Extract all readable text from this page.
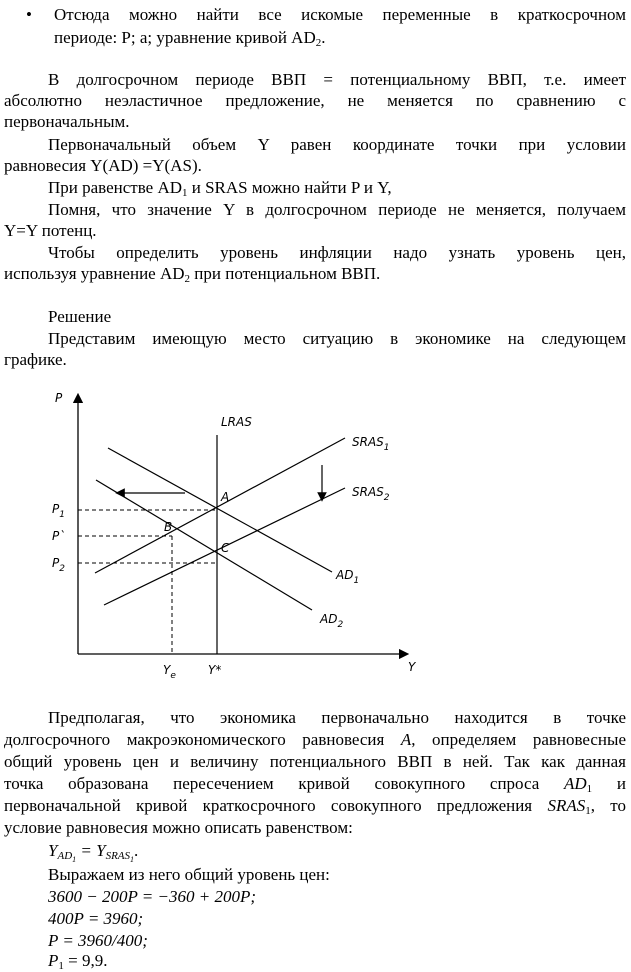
• Отсюда можно найти все искомые переменные в краткосрочном
периоде: P; a; уравнение кривой $AD_2$.
В долгосрочном периоде ВВП = потенциальному ВВП, т.е. имеет
абсолютно неэластичное предложение, не меняется по сравнению с
первоначальным.
Первоначальный объем Y равен координате точки при условии
равновесия Y(AD) =Y(AS).
При равенстве $AD_1$ и SRAS можно найти P и Y,
Помня, что значение Y в долгосрочном периоде не меняется, получаем
Y=Y потенц.
Чтобы определить уровень инфляции надо узнать уровень цен,
используя уравнение $AD_2$ при потенциальном ВВП.
Решение
Представим имеющую место ситуацию в экономике на следующем
графике.
P
Y
LRAS
$SRAS_1$
$SRAS_2$
$AD_1$
$AD_2$
$P_1$
P`
$P_2$
$Y_e$	Y*
A
B
C
Предполагая, что экономика первоначально находится в точке
долгосрочного макроэкономического равновесия A, определяем равновесные
общий уровень цен и величину потенциального ВВП в ней. Так как данная
точка образована пересечением кривой совокупного спроса $AD_1$ и
первоначальной кривой краткосрочного совокупного предложения $SRAS_1$, то
условие равновесия можно описать равенством:
$Y_{AD_1} = Y_{SRAS_1}$.
Выражаем из него общий уровень цен:
3600 − 200P = −360 + 200P;
400P = 3960;
P = 3960/400;
$P_1 = 9,9$.
